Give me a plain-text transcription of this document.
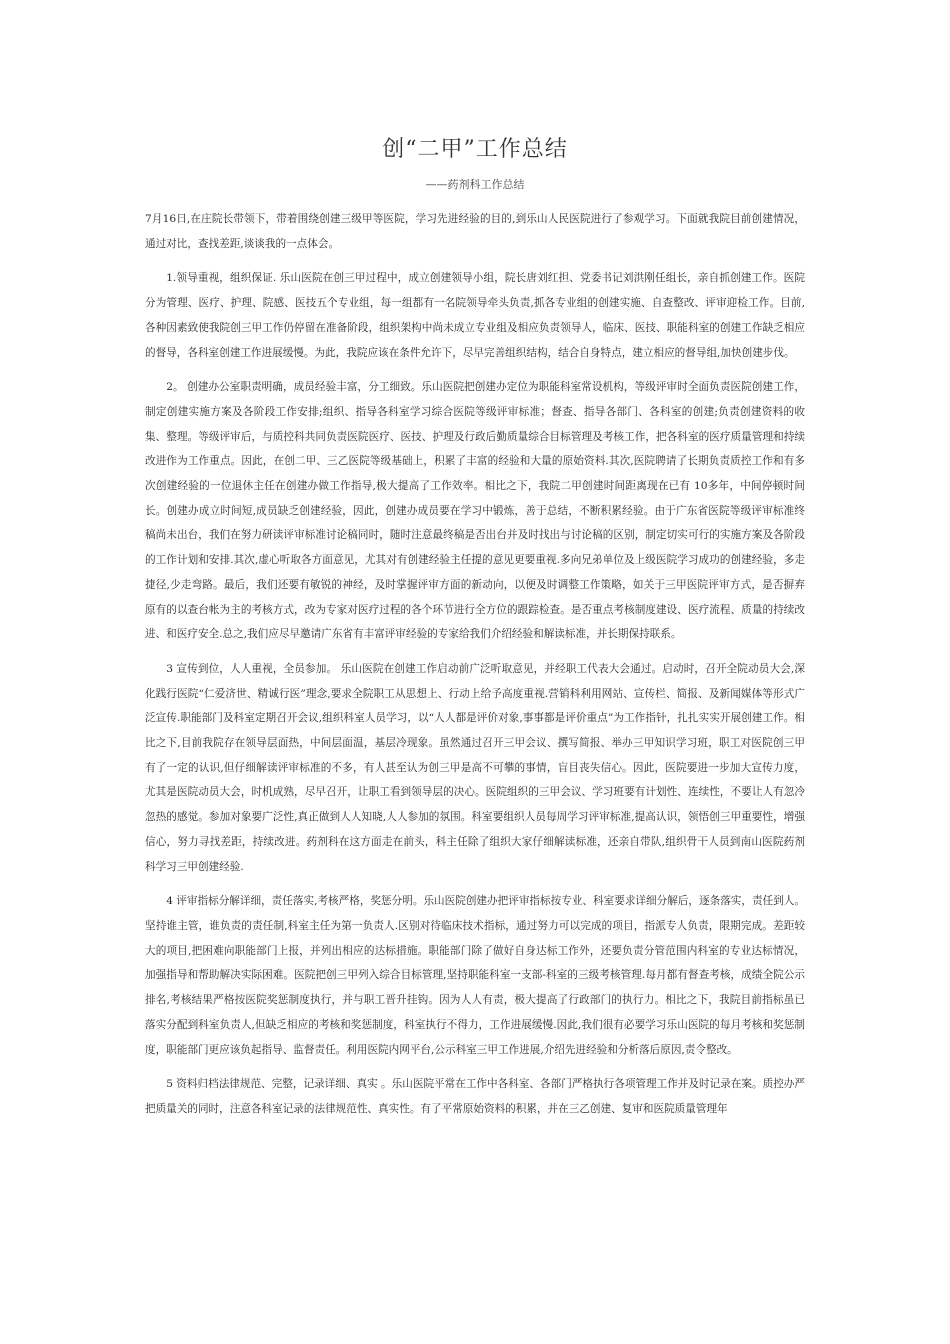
创“二甲”工作总结
——药剂科工作总结

7月16日,在庄院长带领下，带着围绕创建三级甲等医院，学习先进经验的目的,到乐山人民医院进行了参观学习。下面就我院目前创建情况，通过对比，查找差距,谈谈我的一点体会。

1.领导重视，组织保证. 乐山医院在创三甲过程中，成立创建领导小组，院长唐刘红担、党委书记刘洪刚任组长，亲自抓创建工作。医院分为管理、医疗、护理、院感、医技五个专业组，每一组都有一名院领导牵头负责,抓各专业组的创建实施、自查整改、评审迎检工作。目前,各种因素致使我院创三甲工作仍停留在准备阶段，组织架构中尚未成立专业组及相应负责领导人，临床、医技、职能科室的创建工作缺乏相应的督导，各科室创建工作进展缓慢。为此，我院应该在条件允许下，尽早完善组织结构，结合自身特点，建立相应的督导组,加快创建步伐。

2。 创建办公室职责明确，成员经验丰富，分工细致。乐山医院把创建办定位为职能科室常设机构，等级评审时全面负责医院创建工作，制定创建实施方案及各阶段工作安排;组织、指导各科室学习综合医院等级评审标准；督查、指导各部门、各科室的创建;负责创建资料的收集、整理。等级评审后，与质控科共同负责医院医疗、医技、护理及行政后勤质量综合目标管理及考核工作，把各科室的医疗质量管理和持续改进作为工作重点。因此，在创二甲、三乙医院等级基础上，积累了丰富的经验和大量的原始资料.其次,医院聘请了长期负责质控工作和有多次创建经验的一位退休主任在创建办做工作指导,极大提高了工作效率。相比之下，我院二甲创建时间距离现在已有 10多年，中间停顿时间长。创建办成立时间短,成员缺乏创建经验，因此，创建办成员要在学习中锻炼，善于总结，不断积累经验。由于广东省医院等级评审标准终稿尚未出台，我们在努力研读评审标准讨论稿同时，随时注意最终稿是否出台并及时找出与讨论稿的区别，制定切实可行的实施方案及各阶段的工作计划和安排.其次,虚心听取各方面意见，尤其对有创建经验主任提的意见更要重视.多向兄弟单位及上级医院学习成功的创建经验，多走捷径,少走弯路。最后，我们还要有敏锐的神经，及时掌握评审方面的新动向，以便及时调整工作策略，如关于三甲医院评审方式，是否摒弃原有的以查台帐为主的考核方式，改为专家对医疗过程的各个环节进行全方位的跟踪检查。是否重点考核制度建设、医疗流程、质量的持续改进、和医疗安全.总之,我们应尽早邀请广东省有丰富评审经验的专家给我们介绍经验和解读标准，并长期保持联系。

3 宣传到位，人人重视，全员参加。 乐山医院在创建工作启动前广泛听取意见，并经职工代表大会通过。启动时，召开全院动员大会,深化践行医院“仁爱济世、精诚行医”理念,要求全院职工从思想上、行动上给予高度重视.营销科利用网站、宣传栏、简报、及新闻媒体等形式广泛宣传.职能部门及科室定期召开会议,组织科室人员学习，以“人人都是评价对象,事事都是评价重点”为工作指针，扎扎实实开展创建工作。相比之下,目前我院存在领导层面热，中间层面温，基层冷现象。虽然通过召开三甲会议、撰写简报、举办三甲知识学习班，职工对医院创三甲有了一定的认识,但仔细解读评审标准的不多，有人甚至认为创三甲是高不可攀的事情，盲目丧失信心。因此，医院要进一步加大宣传力度，尤其是医院动员大会，时机成熟，尽早召开，让职工看到领导层的决心。医院组织的三甲会议、学习班要有计划性、连续性，不要让人有忽冷忽热的感觉。参加对象要广泛性,真正做到人人知晓,人人参加的氛围。科室要组织人员每周学习评审标准,提高认识，领悟创三甲重要性，增强信心，努力寻找差距，持续改进。药剂科在这方面走在前头，科主任除了组织大家仔细解读标准，还亲自带队,组织骨干人员到南山医院药剂科学习三甲创建经验.

4 评审指标分解详细，责任落实,考核严格，奖惩分明。乐山医院创建办把评审指标按专业、科室要求详细分解后，逐条落实，责任到人。坚持谁主管，谁负责的责任制,科室主任为第一负责人.区别对待临床技术指标，通过努力可以完成的项目，指派专人负责，限期完成。差距较大的项目,把困难向职能部门上报，并列出相应的达标措施。职能部门除了做好自身达标工作外，还要负责分管范围内科室的专业达标情况，加强指导和帮助解决实际困难。医院把创三甲列入综合目标管理,坚持职能科室一支部-科室的三级考核管理.每月都有督查考核，成绩全院公示排名,考核结果严格按医院奖惩制度执行，并与职工晋升挂钩。因为人人有责，极大提高了行政部门的执行力。相比之下，我院目前指标虽已落实分配到科室负责人,但缺乏相应的考核和奖惩制度，科室执行不得力，工作进展缓慢.因此,我们很有必要学习乐山医院的每月考核和奖惩制度，职能部门更应该负起指导、监督责任。利用医院内网平台,公示科室三甲工作进展,介绍先进经验和分析落后原因,责令整改。

5 资料归档法律规范、完整，记录详细、真实 。乐山医院平常在工作中各科室、各部门严格执行各项管理工作并及时记录在案。质控办严把质量关的同时，注意各科室记录的法律规范性、真实性。有了平常原始资料的积累，并在三乙创建、复审和医院质量管理年
